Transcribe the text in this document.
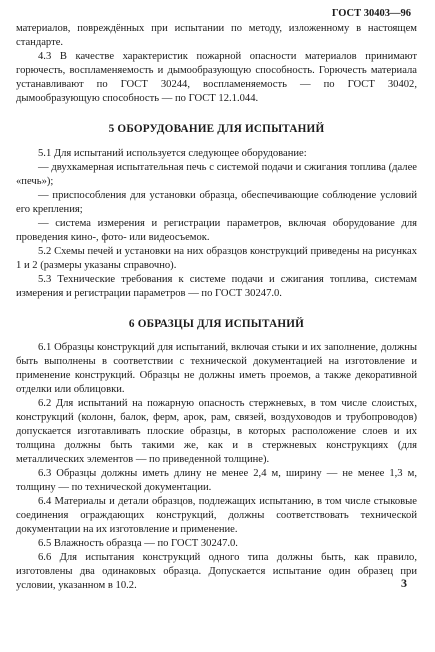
ГОСТ 30403—96

материалов, повреждённых при испытании по методу, изложенному в настоящем стандарте.

4.3 В качестве характеристик пожарной опасности материалов принимают горючесть, воспламеняемость и дымообразующую способность. Горючесть материала устанавливают по ГОСТ 30244, воспламеняемость — по ГОСТ 30402, дымообразующую способность — по ГОСТ 12.1.044.

5 ОБОРУДОВАНИЕ ДЛЯ ИСПЫТАНИЙ

5.1 Для испытаний используется следующее оборудование:

— двухкамерная испытательная печь с системой подачи и сжигания топлива (далее «печь»);

— приспособления для установки образца, обеспечивающие соблюдение условий его крепления;

— система измерения и регистрации параметров, включая оборудование для проведения кино-, фото- или видеосъемок.

5.2 Схемы печей и установки на них образцов конструкций приведены на рисунках 1 и 2 (размеры указаны справочно).

5.3 Технические требования к системе подачи и сжигания топлива, системам измерения и регистрации параметров — по ГОСТ 30247.0.

6 ОБРАЗЦЫ ДЛЯ ИСПЫТАНИЙ

6.1 Образцы конструкций для испытаний, включая стыки и их заполнение, должны быть выполнены в соответствии с технической документацией на изготовление и применение конструкций. Образцы не должны иметь проемов, а также декоративной отделки или облицовки.

6.2 Для испытаний на пожарную опасность стержневых, в том числе слоистых, конструкций (колонн, балок, ферм, арок, рам, связей, воздуховодов и трубопроводов) допускается изготавливать плоские образцы, в которых расположение слоев и их толщина должны быть такими же, как и в стержневых конструкциях (для металлических элементов — по приведенной толщине).

6.3 Образцы должны иметь длину не менее 2,4 м, ширину — не менее 1,3 м, толщину — по технической документации.

6.4 Материалы и детали образцов, подлежащих испытанию, в том числе стыковые соединения ограждающих конструкций, должны соответствовать технической документации на их изготовление и применение.

6.5 Влажность образца — по ГОСТ 30247.0.

6.6 Для испытания конструкций одного типа должны быть, как правило, изготовлены два одинаковых образца. Допускается испытание один образец при условии, указанном в 10.2.	3
